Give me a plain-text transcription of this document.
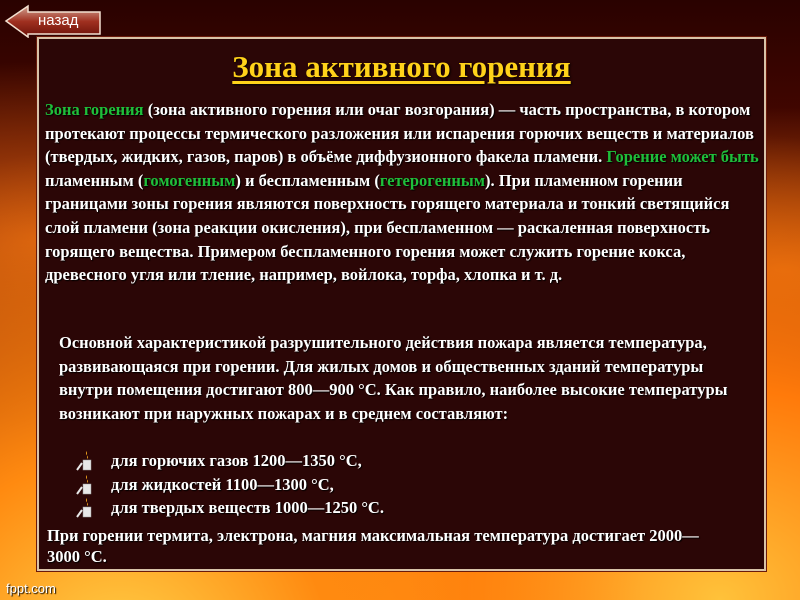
назад
Зона активного горения

Зона горения (зона активного горения или очаг возгорания) — часть пространства, в котором протекают процессы термического разложения или испарения горючих веществ и материалов (твердых, жидких, газов, паров) в объёме диффузионного факела пламени. Горение может быть пламенным (гомогенным) и беспламенным (гетерогенным). При пламенном горении границами зоны горения являются поверхность горящего материала и тонкий светящийся слой пламени (зона реакции окисления), при беспламенном — раскаленная поверхность горящего вещества. Примером беспламенного горения может служить горение кокса, древесного угля или тление, например, войлока, торфа, хлопка и т. д.

Основной характеристикой разрушительного действия пожара является температура, развивающаяся при горении. Для жилых домов и общественных зданий температуры внутри помещения достигают 800—900 °С. Как правило, наиболее высокие температуры возникают при наружных пожарах и в среднем составляют:

для горючих газов 1200—1350 °С,
для жидкостей 1100—1300 °С,
для твердых веществ 1000—1250 °С.

При горении термита, электрона, магния максимальная температура достигает 2000—3000 °С.

fppt.com
